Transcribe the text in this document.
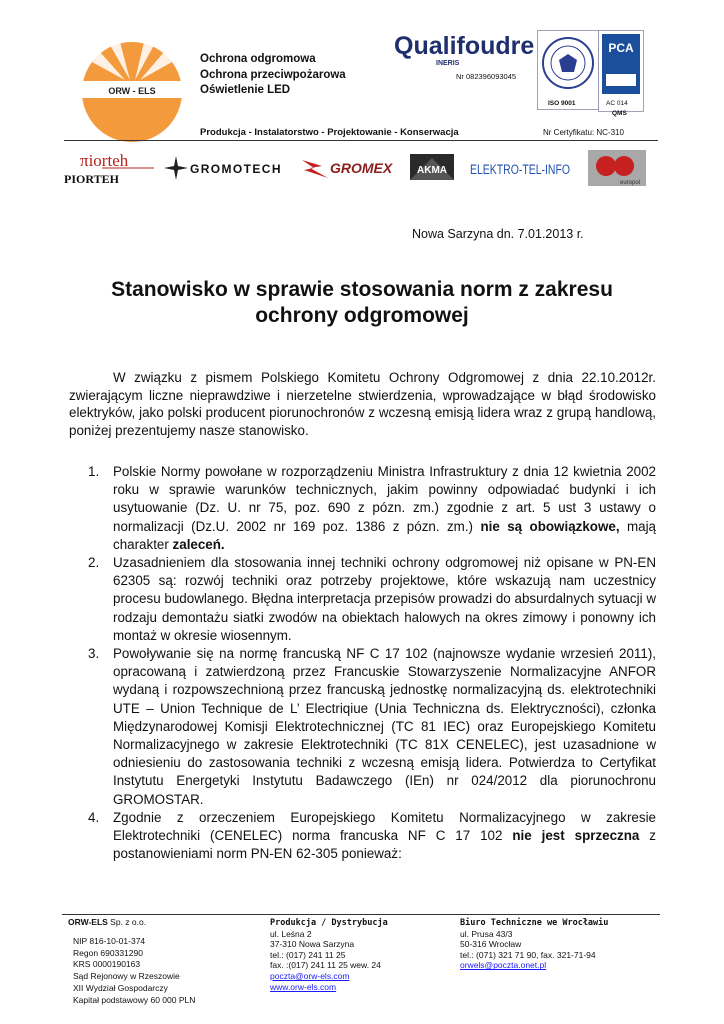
ORW - ELS
Ochrona odgromowa
Ochrona przeciwpożarowa
Oświetlenie LED
Qualifoudre
INERIS
Nr 082396093045
ISO 9001
PCA
AC 014
QMS
Produkcja - Instalatorstwo - Projektowanie - Konserwacja	Nr Certyfikatu: NC-310
πiorteh
PIORTEH
GROMOTECH	GROMEX AKMA ELEKTRO-TEL-INFO
europol
Nowa Sarzyna dn. 7.01.2013 r.
Stanowisko w sprawie stosowania norm z zakresu
ochrony odgromowej

W związku z pismem Polskiego Komitetu Ochrony Odgromowej z dnia 22.10.2012r. zwierającym liczne nieprawdziwe i nierzetelne stwierdzenia, wprowadzające w błąd środowisko elektryków, jako polski producent piorunochronów z wczesną emisją lidera wraz z grupą handlową, poniżej prezentujemy nasze stanowisko.

1. Polskie Normy powołane w rozporządzeniu Ministra Infrastruktury z dnia 12 kwietnia 2002 roku w sprawie warunków technicznych, jakim powinny odpowiadać budynki i ich usytuowanie (Dz. U. nr 75, poz. 690 z pózn. zm.) zgodnie z art. 5 ust 3 ustawy o normalizacji (Dz.U. 2002 nr 169 poz. 1386 z pózn. zm.) nie są obowiązkowe, mają charakter zaleceń.
2. Uzasadnieniem dla stosowania innej techniki ochrony odgromowej niż opisane w PN-EN 62305 są: rozwój techniki oraz potrzeby projektowe, które wskazują nam uczestnicy procesu budowlanego. Błędna interpretacja przepisów prowadzi do absurdalnych sytuacji w rodzaju demontażu siatki zwodów na obiektach halowych na okres zimowy i ponowny ich montaż w okresie wiosennym.
3. Powoływanie się na normę francuską NF C 17 102 (najnowsze wydanie wrzesień 2011), opracowaną i zatwierdzoną przez Francuskie Stowarzyszenie Normalizacyjne ANFOR wydaną i rozpowszechnioną przez francuską jednostkę normalizacyjną ds. elektrotechniki UTE – Union Technique de L’ Electriqiue (Unia Techniczna ds. Elektryczności), członka Międzynarodowej Komisji Elektrotechnicznej (TC 81 IEC) oraz Europejskiego Komitetu Normalizacyjnego w zakresie Elektrotechniki (TC 81X CENELEC), jest uzasadnione w odniesieniu do zastosowania techniki z wczesną emisją lidera. Potwierdza to Certyfikat Instytutu Energetyki Instytutu Badawczego (IEn) nr 024/2012 dla piorunochronu GROMOSTAR.
4. Zgodnie z orzeczeniem Europejskiego Komitetu Normalizacyjnego w zakresie Elektrotechniki (CENELEC) norma francuska NF C 17 102 nie jest sprzeczna z postanowieniami norm PN-EN 62-305 ponieważ:
ORW-ELS Sp. z o.o.
NIP 816-10-01-374
Regon 690331290
KRS 0000190163
Sąd Rejonowy w Rzeszowie
XII Wydział Gospodarczy
Kapitał podstawowy 60 000 PLN
Produkcja / Dystrybucja
ul. Leśna 2
37-310 Nowa Sarzyna
tel.: (017) 241 11 25
fax. :(017) 241 11 25 wew. 24
poczta@orw-els.com
www.orw-els.com
Biuro Techniczne we Wrocławiu
ul. Prusa 43/3
50-316 Wrocław
tel.: (071) 321 71 90, fax. 321-71-94
orwels@poczta.onet.pl
